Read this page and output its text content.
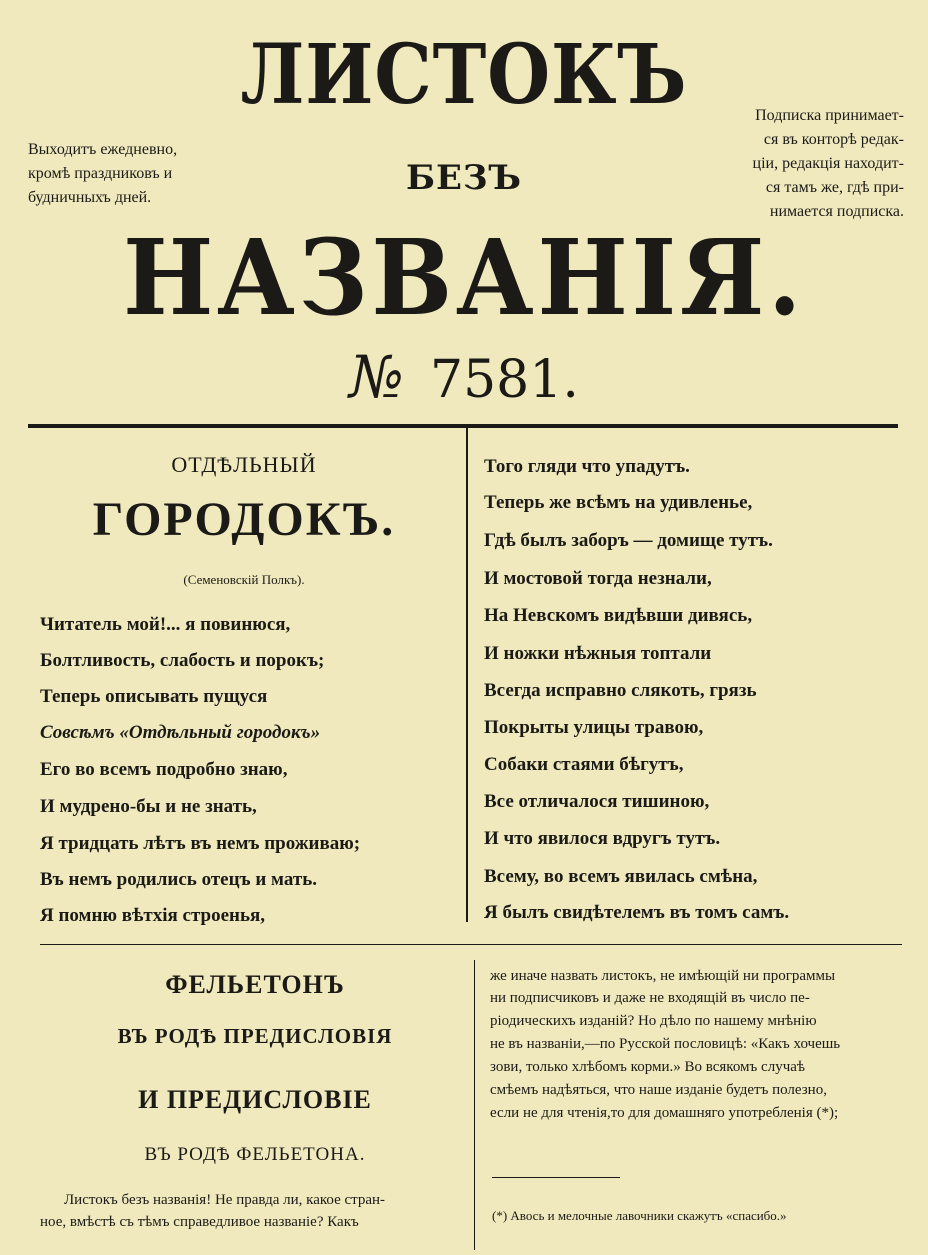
ЛИСТОКЪ
БЕЗЪ
НАЗВАНІЯ.
№ 7581.
Выходитъ ежедневно,
кромѣ праздниковъ и
будничныхъ дней.
Подписка принимает-
ся въ конторѣ редак-
ціи, редакція находит-
ся тамъ же, гдѣ при-
нимается подписка.
ОТДѢЛЬНЫЙ
ГОРОДОКЪ.
(Семеновскій Полкъ).
Читатель мой!... я повинюся,
Болтливость, слабость и порокъ;
Теперь описывать пущуся
Совсѣмъ «Отдѣльный городокъ»
Его во всемъ подробно знаю,
И мудрено-бы и не знать,
Я тридцать лѣтъ въ немъ проживаю;
Въ немъ родились отецъ и мать.
Я помню вѣтхія строенья,
Того гляди что упадутъ.
Теперь же всѣмъ на удивленье,
Гдѣ былъ заборъ — домище тутъ.
И мостовой тогда незнали,
На Невскомъ видѣвши дивясь,
И ножки нѣжныя топтали
Всегда исправно слякоть, грязь
Покрыты улицы травою,
Собаки стаями бѣгутъ,
Все отличалося тишиною,
И что явилося вдругъ тутъ.
Всему, во всемъ явилась смѣна,
Я былъ свидѣтелемъ въ томъ самъ.
ФЕЛЬЕТОНЪ
ВЪ РОДѢ ПРЕДИСЛОВІЯ
И ПРЕДИСЛОВІЕ
ВЪ РОДѢ ФЕЛЬЕТОНА.
Листокъ безъ названія! Не правда ли, какое стран-
ное, вмѣстѣ съ тѣмъ справедливое названіе? Какъ
же иначе назвать листокъ, не имѣющій ни программы
ни подписчиковъ и даже не входящій въ число пе-
ріодическихъ изданій? Но дѣло по нашему мнѣнію
не въ названіи,—по Русской пословицѣ: «Какъ хочешь
зови, только хлѣбомъ корми.» Во всякомъ случаѣ
смѣемъ надѣяться, что наше изданіе будетъ полезно,
если не для чтенія,то для домашняго употребленія (*);
(*) Авось и мелочные лавочники скажутъ «спасибо.»
